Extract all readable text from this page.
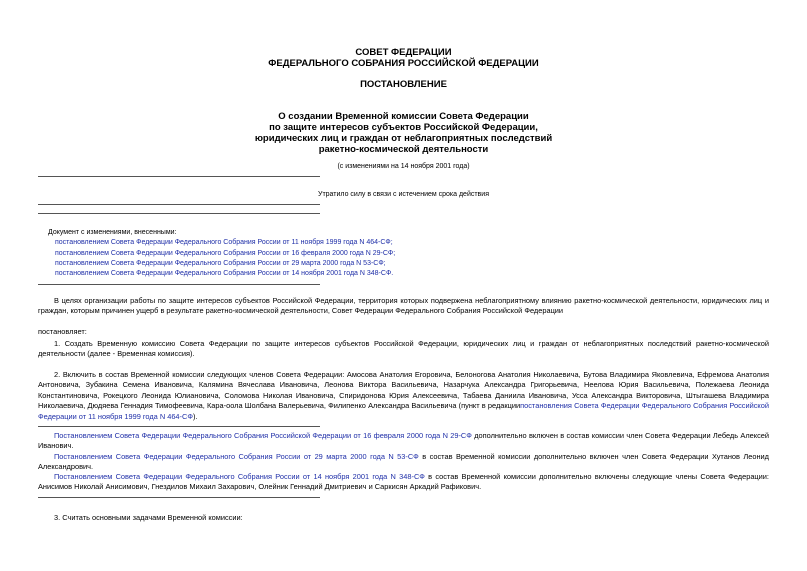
СОВЕТ ФЕДЕРАЦИИ
ФЕДЕРАЛЬНОГО СОБРАНИЯ РОССИЙСКОЙ ФЕДЕРАЦИИ
ПОСТАНОВЛЕНИЕ
О создании Временной комиссии Совета Федерации
по защите интересов субъектов Российской Федерации,
юридических лиц и граждан от неблагоприятных последствий
ракетно-космической деятельности
(с изменениями на 14 ноября 2001 года)
Утратило силу в связи с истечением срока действия
Документ с изменениями, внесенными:
постановлением Совета Федерации Федерального Собрания России от 11 ноября 1999 года N 464-СФ;
постановлением Совета Федерации Федерального Собрания России от 16 февраля 2000 года N 29-СФ;
постановлением Совета Федерации Федерального Собрания России от 29 марта 2000 года N 53-СФ;
постановлением Совета Федерации Федерального Собрания России от 14 ноября 2001 года N 348-СФ.
В целях организации работы по защите интересов субъектов Российской Федерации, территория которых подвержена неблагоприятному влиянию ракетно-космической деятельности, юридических лиц и граждан, которым причинен ущерб в результате ракетно-космической деятельности, Совет Федерации Федерального Собрания Российской Федерации
постановляет:
1. Создать Временную комиссию Совета Федерации по защите интересов субъектов Российской Федерации, юридических лиц и граждан от неблагоприятных последствий ракетно-космической деятельности (далее - Временная комиссия).
2. Включить в состав Временной комиссии следующих членов Совета Федерации: Амосова Анатолия Егоровича, Белоногова Анатолия Николаевича, Бутова Владимира Яковлевича, Ефремова Анатолия Антоновича, Зубакина Семена Ивановича, Калямина Вячеслава Ивановича, Леонова Виктора Васильевича, Назарчука Александра Григорьевича, Неелова Юрия Васильевича, Полежаева Леонида Константиновича, Рокецкого Леонида Юлиановича, Соломова Николая Ивановича, Спиридонова Юрия Алексеевича, Табаева Даниила Ивановича, Усса Александра Викторовича, Штыгашева Владимира Николаевича, Дюдяева Геннадия Тимофеевича, Кара-оола Шолбана Валерьевича, Филипенко Александра Васильевича (пункт в редакциипостановления Совета Федерации Федерального Собрания Российской Федерации от 11 ноября 1999 года N 464-СФ).
Постановлением Совета Федерации Федерального Собрания Российской Федерации от 16 февраля 2000 года N 29-СФ дополнительно включен в состав комиссии член Совета Федерации Лебедь Алексей Иванович.
Постановлением Совета Федерации Федерального Собрания России от 29 марта 2000 года N 53-СФ в состав Временной комиссии дополнительно включен член Совета Федерации Хутанов Леонид Александрович.
Постановлением Совета Федерации Федерального Собрания России от 14 ноября 2001 года N 348-СФ в состав Временной комиссии дополнительно включены следующие члены Совета Федерации: Анисимов Николай Анисимович, Гнездилов Михаил Захарович, Олейник Геннадий Дмитриевич и Саркисян Аркадий Рафикович.
3. Считать основными задачами Временной комиссии:
